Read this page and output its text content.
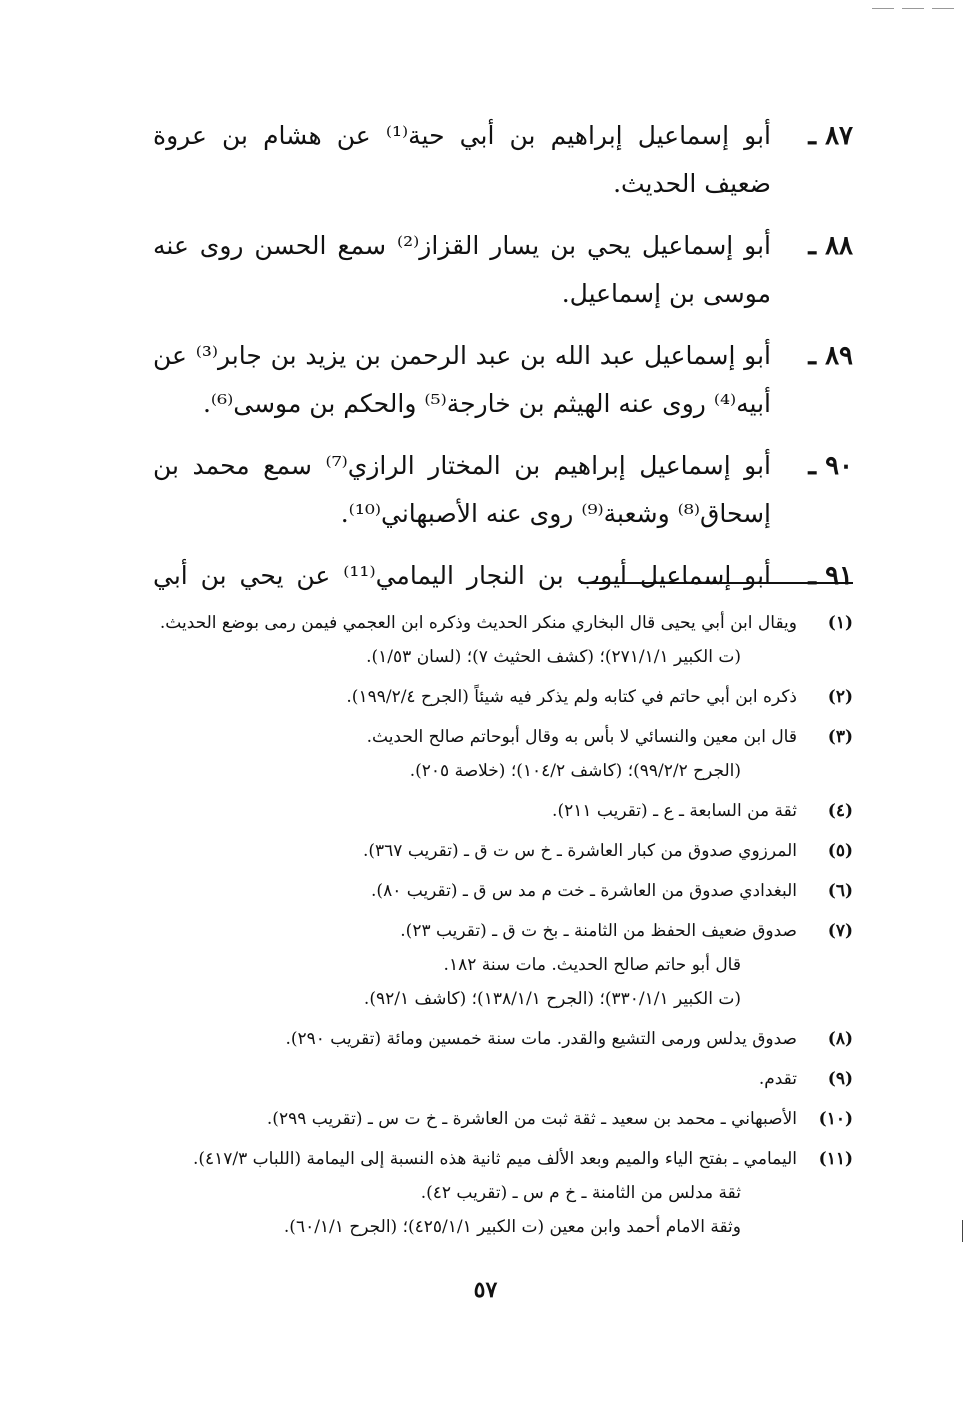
٨٧ ـ
أبو إسماعيل إبراهيم بن أبي حية⁽¹⁾ عن هشام بن عروة ضعيف الحديث.
٨٨ ـ
أبو إسماعيل يحي بن يسار القزاز⁽²⁾ سمع الحسن روى عنه موسى بن إسماعيل.
٨٩ ـ
أبو إسماعيل عبد الله بن عبد الرحمن بن يزيد بن جابر⁽³⁾ عن أبيه⁽⁴⁾ روى عنه الهيثم بن خارجة⁽⁵⁾ والحكم بن موسى⁽⁶⁾.
٩٠ ـ
أبو إسماعيل إبراهيم بن المختار الرازي⁽⁷⁾ سمع محمد بن إسحاق⁽⁸⁾ وشعبة⁽⁹⁾ روى عنه الأصبهاني⁽¹⁰⁾.
٩١ ـ
أبو إسماعيل أيوب بن النجار اليمامي⁽¹¹⁾ عن يحي بن أبي
(١)
ويقال ابن أبي يحيى قال البخاري منكر الحديث وذكره ابن العجمي فيمن رمى بوضع الحديث.
(ت الكبير ٢٧١/١/١)؛ (كشف الحثيث ٧)؛ (لسان ١/٥٣).
(٢)
ذكره ابن أبي حاتم في كتابه ولم يذكر فيه شيئاً (الجرح ١٩٩/٢/٤).
(٣)
قال ابن معين والنسائي لا بأس به وقال أبوحاتم صالح الحديث.
(الجرح ٩٩/٢/٢)؛ (كاشف ١٠٤/٢)؛ (خلاصة ٢٠٥).
(٤)
ثقة من السابعة ـ ع ـ (تقريب ٢١١).
(٥)
المرزوي صدوق من كبار العاشرة ـ خ س ت ق ـ (تقريب ٣٦٧).
(٦)
البغدادي صدوق من العاشرة ـ خت م مد س ق ـ (تقريب ٨٠).
(٧)
صدوق ضعيف الحفظ من الثامنة ـ بخ ت ق ـ (تقريب ٢٣).
قال أبو حاتم صالح الحديث. مات سنة ١٨٢.
(ت الكبير ٣٣٠/١/١)؛ (الجرح ١٣٨/١/١)؛ (كاشف ٩٢/١).
(٨)
صدوق يدلس ورمى التشيع والقدر. مات سنة خمسين ومائة (تقريب ٢٩٠).
(٩)
تقدم.
(١٠)
الأصبهاني ـ محمد بن سعيد ـ ثقة ثبت من العاشرة ـ خ ت س ـ (تقريب ٢٩٩).
(١١)
اليمامي ـ بفتح الياء والميم وبعد الألف ميم ثانية هذه النسبة إلى اليمامة (اللباب ٤١٧/٣).
ثقة مدلس من الثامنة ـ خ م س ـ (تقريب ٤٢).
وثقة الامام أحمد وابن معين (ت الكبير ٤٢٥/١/١)؛ (الجرح ٦٠/١/١).
٥٧
